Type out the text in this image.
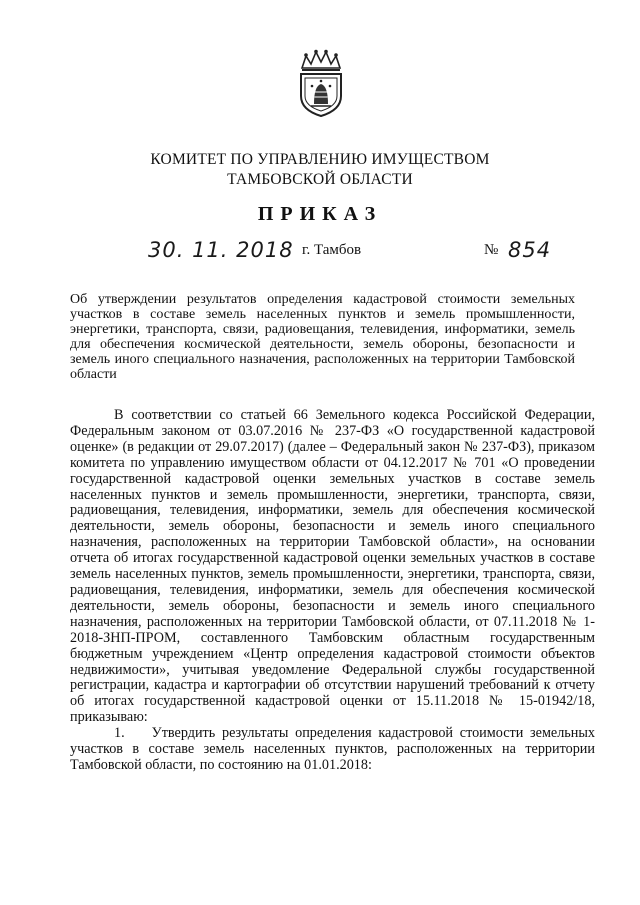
КОМИТЕТ ПО УПРАВЛЕНИЮ ИМУЩЕСТВОМ
ТАМБОВСКОЙ ОБЛАСТИ
ПРИКАЗ
30. 11. 2018 г. Тамбов	№ 854
Об утверждении результатов определения кадастровой стоимости земельных участков в составе земель населенных пунктов и земель промышленности, энергетики, транспорта, связи, радиовещания, телевидения, информатики, земель для обеспечения космической деятельности, земель обороны, безопасности и земель иного специального назначения, расположенных на территории Тамбовской области

В соответствии со статьей 66 Земельного кодекса Российской Федерации, Федеральным законом от 03.07.2016 № 237-ФЗ «О государственной кадастровой оценке» (в редакции от 29.07.2017) (далее – Федеральный закон № 237-ФЗ), приказом комитета по управлению имуществом области от 04.12.2017 № 701 «О проведении государственной кадастровой оценки земельных участков в составе земель населенных пунктов и земель промышленности, энергетики, транспорта, связи, радиовещания, телевидения, информатики, земель для обеспечения космической деятельности, земель обороны, безопасности и земель иного специального назначения, расположенных на территории Тамбовской области», на основании отчета об итогах государственной кадастровой оценки земельных участков в составе земель населенных пунктов, земель промышленности, энергетики, транспорта, связи, радиовещания, телевидения, информатики, земель для обеспечения космической деятельности, земель обороны, безопасности и земель иного специального назначения, расположенных на территории Тамбовской области, от 07.11.2018 № 1-2018-ЗНП-ПРОМ, составленного Тамбовским областным государственным бюджетным учреждением «Центр определения кадастровой стоимости объектов недвижимости», учитывая уведомление Федеральной службы государственной регистрации, кадастра и картографии об отсутствии нарушений требований к отчету об итогах государственной кадастровой оценки от 15.11.2018 № 15-01942/18, приказываю:

1.    Утвердить результаты определения кадастровой стоимости земельных участков в составе земель населенных пунктов, расположенных на территории Тамбовской области, по состоянию на 01.01.2018:
